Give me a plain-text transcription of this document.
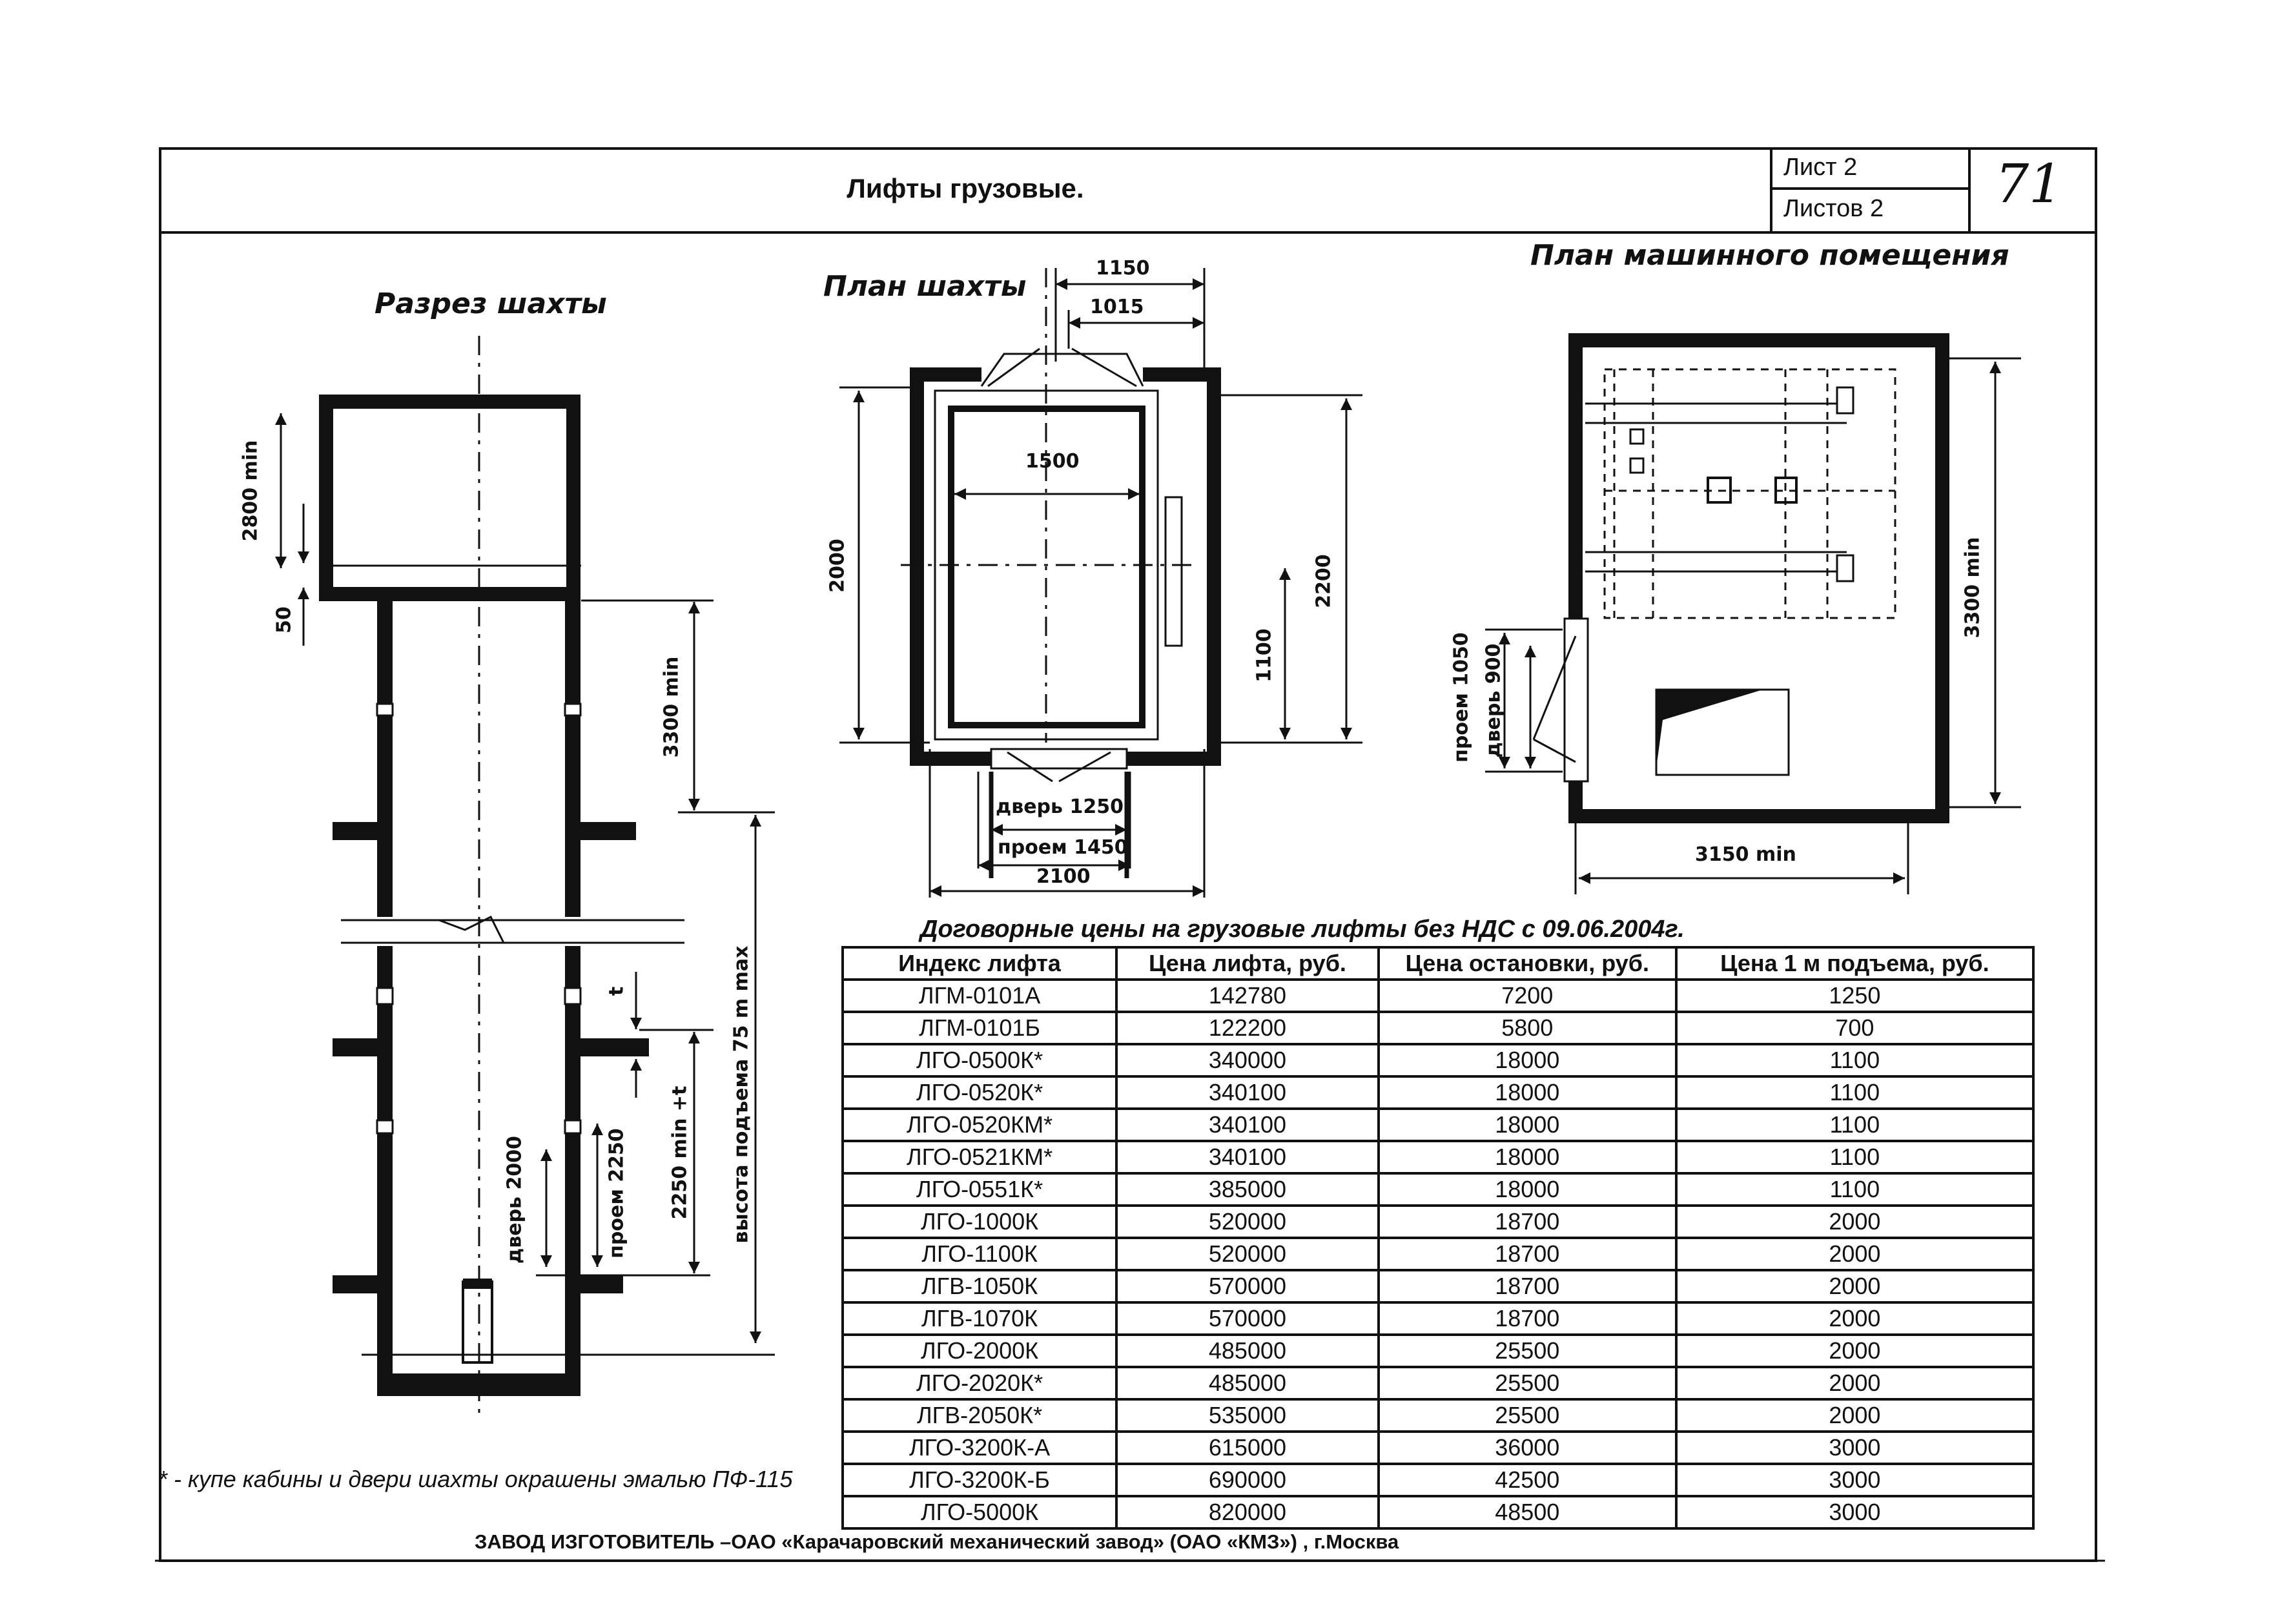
Лифты грузовые.
Лист 2
Листов 2 71
Разрез шахты
План шахты
План машинного помещения
2800 min
50
3300 min
t
2250 min +t высота подъема 75 m max
проем 2250
дверь 2000
1150
1015
1500
2000	2200
1100
дверь 1250
проем 1450
2100
3300 min
3150 min
проем 1050 дверь 900
Договорные цены на грузовые лифты без НДС с 09.06.2004г.
Индекс лифта	Цена лифта, руб.	Цена остановки, руб.	Цена 1 м подъема, руб.
ЛГМ-0101А	142780	7200	1250
ЛГМ-0101Б	122200	5800	700
ЛГО-0500К*	340000	18000	1100
ЛГО-0520К*	340100	18000	1100
ЛГО-0520КМ*	340100	18000	1100
ЛГО-0521КМ*	340100	18000	1100
ЛГО-0551К*	385000	18000	1100
ЛГО-1000К	520000	18700	2000
ЛГО-1100К	520000	18700	2000
ЛГВ-1050К	570000	18700	2000
ЛГВ-1070К	570000	18700	2000
ЛГО-2000К	485000	25500	2000
ЛГО-2020К*	485000	25500	2000
ЛГВ-2050К*	535000	25500	2000
ЛГО-3200К-А	615000	36000	3000
ЛГО-3200К-Б	690000	42500	3000
ЛГО-5000К	820000	48500	3000
* - купе кабины и двери шахты окрашены эмалью ПФ-115
ЗАВОД ИЗГОТОВИТЕЛЬ –ОАО «Карачаровский механический завод» (ОАО «КМЗ») , г.Москва
